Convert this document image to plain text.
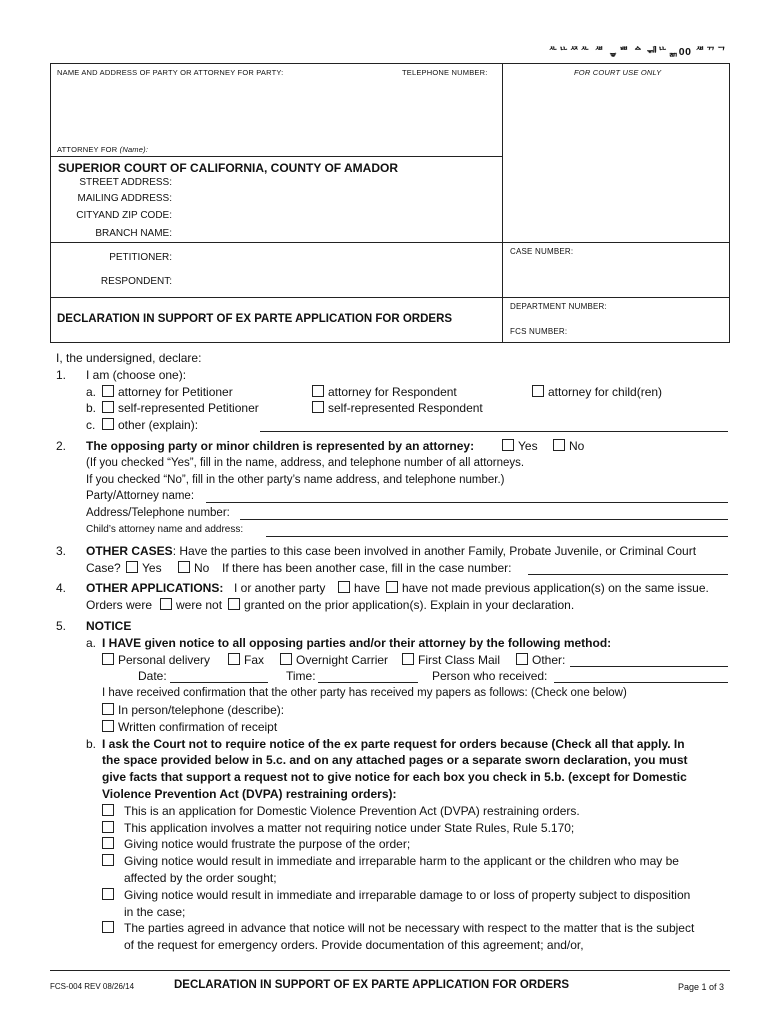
ᄮᄔᄶᄮ ᄲ ᇴᄈ ᅀ ᆐᄔᇑ00 ᄲᄁᄀ
NAME AND ADDRESS OF PARTY OR ATTORNEY FOR PARTY:	TELEPHONE NUMBER:	FOR COURT USE ONLY
ATTORNEY FOR (Name):
SUPERIOR COURT OF CALIFORNIA, COUNTY OF AMADOR
STREET ADDRESS:
MAILING ADDRESS:
CITYAND ZIP CODE:
BRANCH NAME:
PETITIONER:
RESPONDENT:
CASE NUMBER:
DEPARTMENT NUMBER:
FCS NUMBER:
DECLARATION IN SUPPORT OF EX PARTE APPLICATION FOR ORDERS
I, the undersigned, declare:
1. I am (choose one):
a.	attorney for Petitioner	attorney for Respondent	attorney for child(ren)
b.	self-represented Petitioner	self-represented Respondent
c.	other (explain):
2. The opposing party or minor children is represented by an attorney:	Yes	No
(If you checked “Yes”, fill in the name, address, and telephone number of all attorneys.
If you checked “No”, fill in the other party’s name address, and telephone number.)
Party/Attorney name:
Address/Telephone number:
Child’s attorney name and address:
3. OTHER CASES: Have the parties to this case been involved in another Family, Probate Juvenile, or Criminal Court
Case?	Yes	No If there has been another case, fill in the case number:
4. OTHER APPLICATIONS: I or another party	have	have not made previous application(s) on the same issue.
Orders were	were not	granted on the prior application(s). Explain in your declaration.
5. NOTICE
a. I HAVE given notice to all opposing parties and/or their attorney by the following method:
Personal delivery	Fax	Overnight Carrier	First Class Mail	Other:
Date:	Time:	Person who received:
I have received confirmation that the other party has received my papers as follows: (Check one below)
In person/telephone (describe):
Written confirmation of receipt
b. I ask the Court not to require notice of the ex parte request for orders because (Check all that apply. In
the space provided below in 5.c. and on any attached pages or a separate sworn declaration, you must
give facts that support a request not to give notice for each box you check in 5.b. (except for Domestic
Violence Prevention Act (DVPA) restraining orders):
This is an application for Domestic Violence Prevention Act (DVPA) restraining orders.
This application involves a matter not requiring notice under State Rules, Rule 5.170;
Giving notice would frustrate the purpose of the order;
Giving notice would result in immediate and irreparable harm to the applicant or the children who may be
affected by the order sought;
Giving notice would result in immediate and irreparable damage to or loss of property subject to disposition
in the case;
The parties agreed in advance that notice will not be necessary with respect to the matter that is the subject
of the request for emergency orders. Provide documentation of this agreement; and/or,
FCS-004 REV 08/26/14	DECLARATION IN SUPPORT OF EX PARTE APPLICATION FOR ORDERS	Page 1 of 3
